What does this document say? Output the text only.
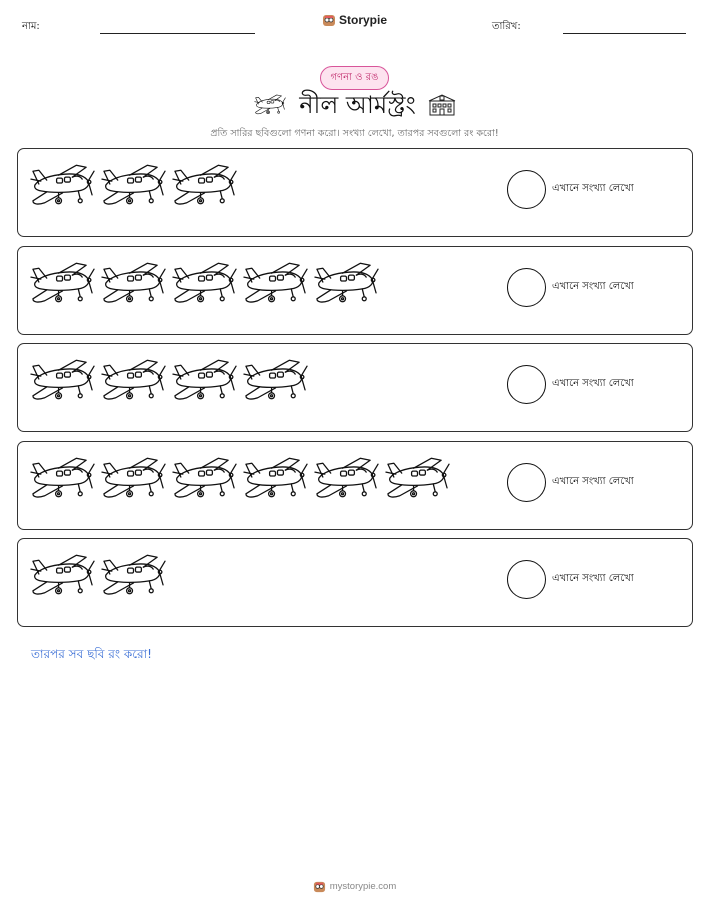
নাম:	Storypie	তারিখ:
গণনা ও রঙ
নীল আর্মস্ট্রং
প্রতি সারির ছবিগুলো গণনা করো। সংখ্যা লেখো, তারপর সবগুলো রং করো!
এখানে সংখ্যা লেখো
এখানে সংখ্যা লেখো
এখানে সংখ্যা লেখো
এখানে সংখ্যা লেখো
এখানে সংখ্যা লেখো
তারপর সব ছবি রং করো!
mystorypie.com
